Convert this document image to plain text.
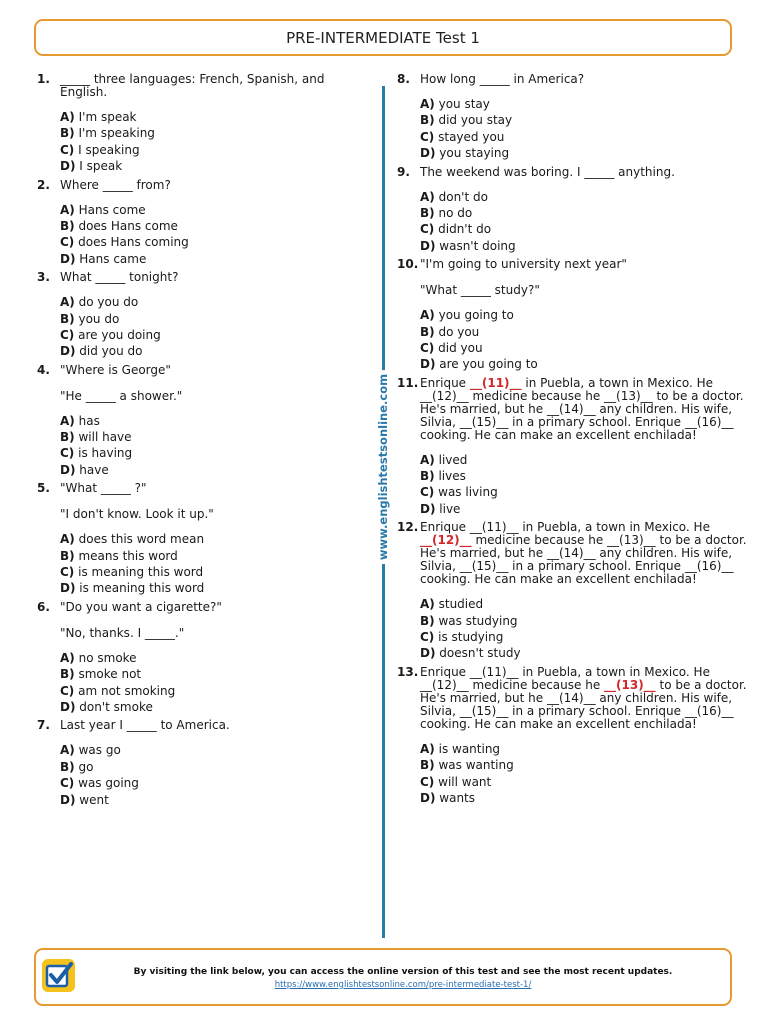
PRE-INTERMEDIATE Test 1
1. _____ three languages: French, Spanish, and English.
A) I'm speak
B) I'm speaking
C) I speaking
D) I speak
2. Where _____ from?
A) Hans come
B) does Hans come
C) does Hans coming
D) Hans came
3. What _____ tonight?
A) do you do
B) you do
C) are you doing
D) did you do
4. "Where is George"
"He _____ a shower."
A) has
B) will have
C) is having
D) have
5. "What _____ ?"
"I don't know. Look it up."
A) does this word mean
B) means this word
C) is meaning this word
D) is meaning this word
6. "Do you want a cigarette?"
"No, thanks. I _____."
A) no smoke
B) smoke not
C) am not smoking
D) don't smoke
7. Last year I _____ to America.
A) was go
B) go
C) was going
D) went
www.englishtestsonline.com
8. How long _____ in America?
A) you stay
B) did you stay
C) stayed you
D) you staying
9. The weekend was boring. I _____ anything.
A) don't do
B) no do
C) didn't do
D) wasn't doing
10. "I'm going to university next year"
"What _____ study?"
A) you going to
B) do you
C) did you
D) are you going to
11. Enrique __(11)__ in Puebla, a town in Mexico. He __(12)__ medicine because he __(13)__ to be a doctor. He's married, but he __(14)__ any children. His wife, Silvia, __(15)__ in a primary school. Enrique __(16)__ cooking. He can make an excellent enchilada!
A) lived
B) lives
C) was living
D) live
12. Enrique __(11)__ in Puebla, a town in Mexico. He __(12)__ medicine because he __(13)__ to be a doctor. He's married, but he __(14)__ any children. His wife, Silvia, __(15)__ in a primary school. Enrique __(16)__ cooking. He can make an excellent enchilada!
A) studied
B) was studying
C) is studying
D) doesn't study
13. Enrique __(11)__ in Puebla, a town in Mexico. He __(12)__ medicine because he __(13)__ to be a doctor. He's married, but he __(14)__ any children. His wife, Silvia, __(15)__ in a primary school. Enrique __(16)__ cooking. He can make an excellent enchilada!
A) is wanting
B) was wanting
C) will want
D) wants
By visiting the link below, you can access the online version of this test and see the most recent updates.
https://www.englishtestsonline.com/pre-intermediate-test-1/
